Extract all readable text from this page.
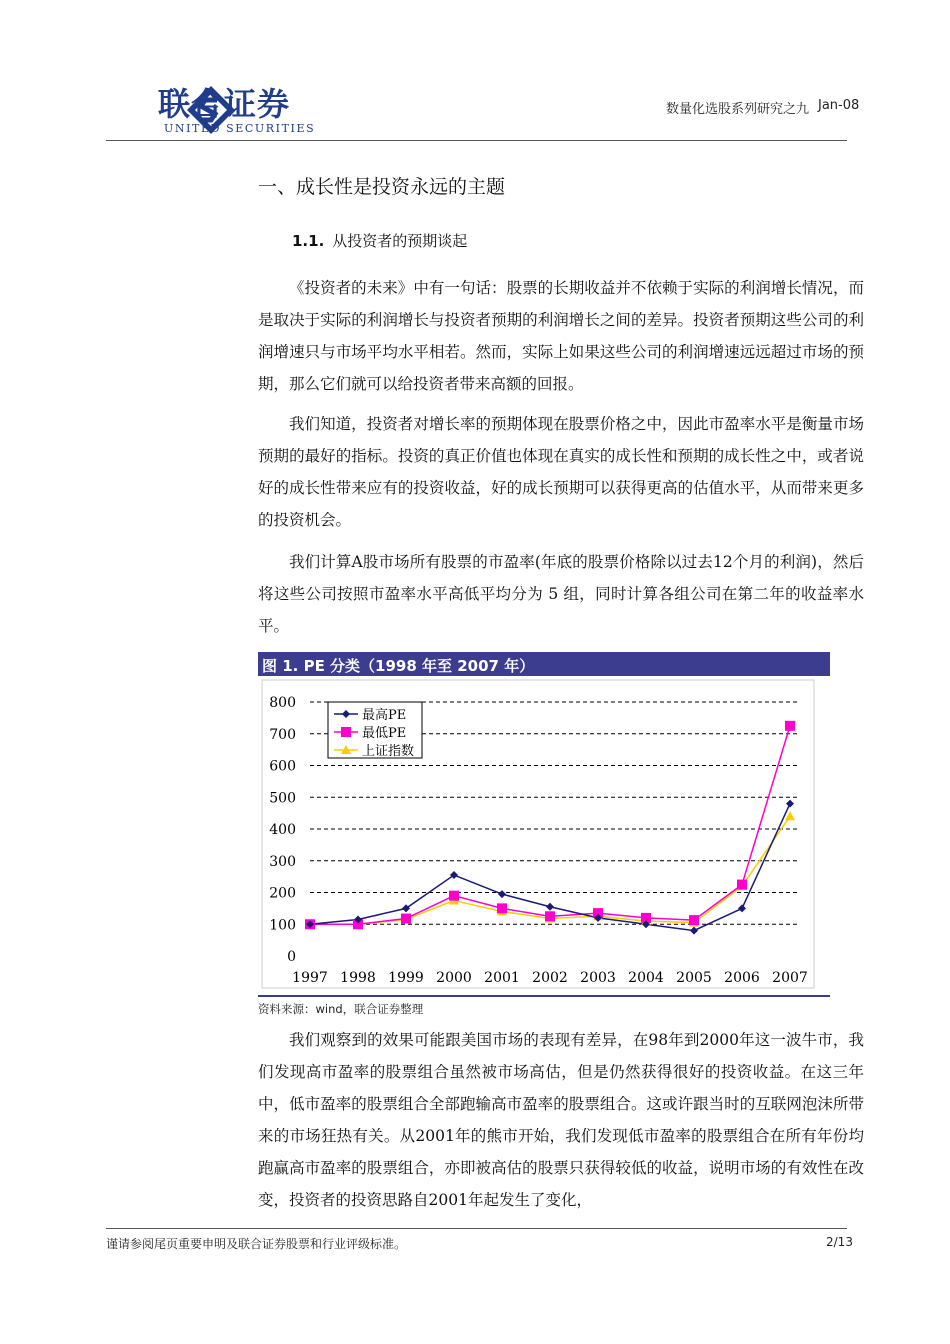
联合证券
UNITED SECURITIES
数量化选股系列研究之九 Jan-08
一、成长性是投资永远的主题
1.1. 从投资者的预期谈起
《投资者的未来》中有一句话：股票的长期收益并不依赖于实际的利润增长情况，而是取决于实际的利润增长与投资者预期的利润增长之间的差异。投资者预期这些公司的利润增速只与市场平均水平相若。然而，实际上如果这些公司的利润增速远远超过市场的预期，那么它们就可以给投资者带来高额的回报。
我们知道，投资者对增长率的预期体现在股票价格之中，因此市盈率水平是衡量市场预期的最好的指标。投资的真正价值也体现在真实的成长性和预期的成长性之中，或者说好的成长性带来应有的投资收益，好的成长预期可以获得更高的估值水平，从而带来更多的投资机会。
我们计算A股市场所有股票的市盈率(年底的股票价格除以过去12个月的利润)，然后将这些公司按照市盈率水平高低平均分为 5 组，同时计算各组公司在第二年的收益率水平。
图 1. PE 分类（1998 年至 2007 年）
0
100
200
300
400
500
600
700
800
1997 1998 1999 2000 2001 2002 2003 2004 2005 2006 2007
最高PE
最低PE
上证指数
资料来源：wind，联合证券整理
我们观察到的效果可能跟美国市场的表现有差异，在98年到2000年这一波牛市，我们发现高市盈率的股票组合虽然被市场高估，但是仍然获得很好的投资收益。在这三年中，低市盈率的股票组合全部跑输高市盈率的股票组合。这或许跟当时的互联网泡沫所带来的市场狂热有关。从2001年的熊市开始，我们发现低市盈率的股票组合在所有年份均跑赢高市盈率的股票组合，亦即被高估的股票只获得较低的收益，说明市场的有效性在改变，投资者的投资思路自2001年起发生了变化，
谨请参阅尾页重要申明及联合证券股票和行业评级标准。	2/13
